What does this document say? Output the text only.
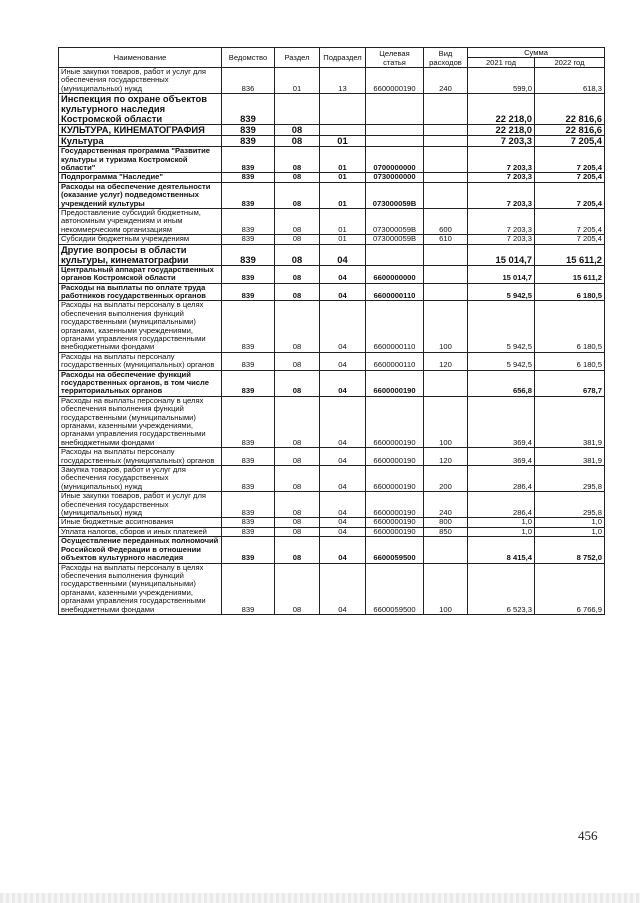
Наименование	Ведомство	Раздел	Подраздел	Целевая статья	Вид расходов	Сумма	
						2021 год	2022 год
Иные закупки товаров, работ и услуг для обеспечения государственных (муниципальных) нужд	836	01	13	6600000190	240	599,0	618,3
Инспекция по охране объектов культурного наследия Костромской области	839					22 218,0	22 816,6
КУЛЬТУРА, КИНЕМАТОГРАФИЯ	839	08				22 218,0	22 816,6
Культура	839	08	01			7 203,3	7 205,4
Государственная программа "Развитие культуры и туризма Костромской области"	839	08	01	0700000000		7 203,3	7 205,4
Подпрограмма "Наследие"	839	08	01	0730000000		7 203,3	7 205,4
Расходы на обеспечение деятельности (оказание услуг) подведомственных учреждений культуры	839	08	01	073000059В		7 203,3	7 205,4
Предоставление субсидий бюджетным, автономным учреждениям и иным некоммерческим организациям	839	08	01	073000059В	600	7 203,3	7 205,4
Субсидии бюджетным учреждениям	839	08	01	073000059В	610	7 203,3	7 205,4
Другие вопросы в области культуры, кинематографии	839	08	04			15 014,7	15 611,2
Центральный аппарат государственных органов Костромской области	839	08	04	6600000000		15 014,7	15 611,2
Расходы на выплаты по оплате труда работников государственных органов	839	08	04	6600000110		5 942,5	6 180,5
Расходы на выплаты персоналу в целях обеспечения выполнения функций государственными (муниципальными) органами, казенными учреждениями, органами управления государственными внебюджетными фондами	839	08	04	6600000110	100	5 942,5	6 180,5
Расходы на выплаты персоналу государственных (муниципальных) органов	839	08	04	6600000110	120	5 942,5	6 180,5
Расходы на обеспечение функций государственных органов, в том числе территориальных органов	839	08	04	6600000190		656,8	678,7
Расходы на выплаты персоналу в целях обеспечения выполнения функций государственными (муниципальными) органами, казенными учреждениями, органами управления государственными внебюджетными фондами	839	08	04	6600000190	100	369,4	381,9
Расходы на выплаты персоналу государственных (муниципальных) органов	839	08	04	6600000190	120	369,4	381,9
Закупка товаров, работ и услуг для обеспечения государственных (муниципальных) нужд	839	08	04	6600000190	200	286,4	295,8
Иные закупки товаров, работ и услуг для обеспечения государственных (муниципальных) нужд	839	08	04	6600000190	240	286,4	295,8
Иные бюджетные ассигнования	839	08	04	6600000190	800	1,0	1,0
Уплата налогов, сборов и иных платежей	839	08	04	6600000190	850	1,0	1,0
Осуществление переданных полномочий Российской Федерации в отношении объектов культурного наследия	839	08	04	6600059500		8 415,4	8 752,0
Расходы на выплаты персоналу в целях обеспечения выполнения функций государственными (муниципальными) органами, казенными учреждениями, органами управления государственными внебюджетными фондами	839	08	04	6600059500	100	6 523,3	6 766,9
456
